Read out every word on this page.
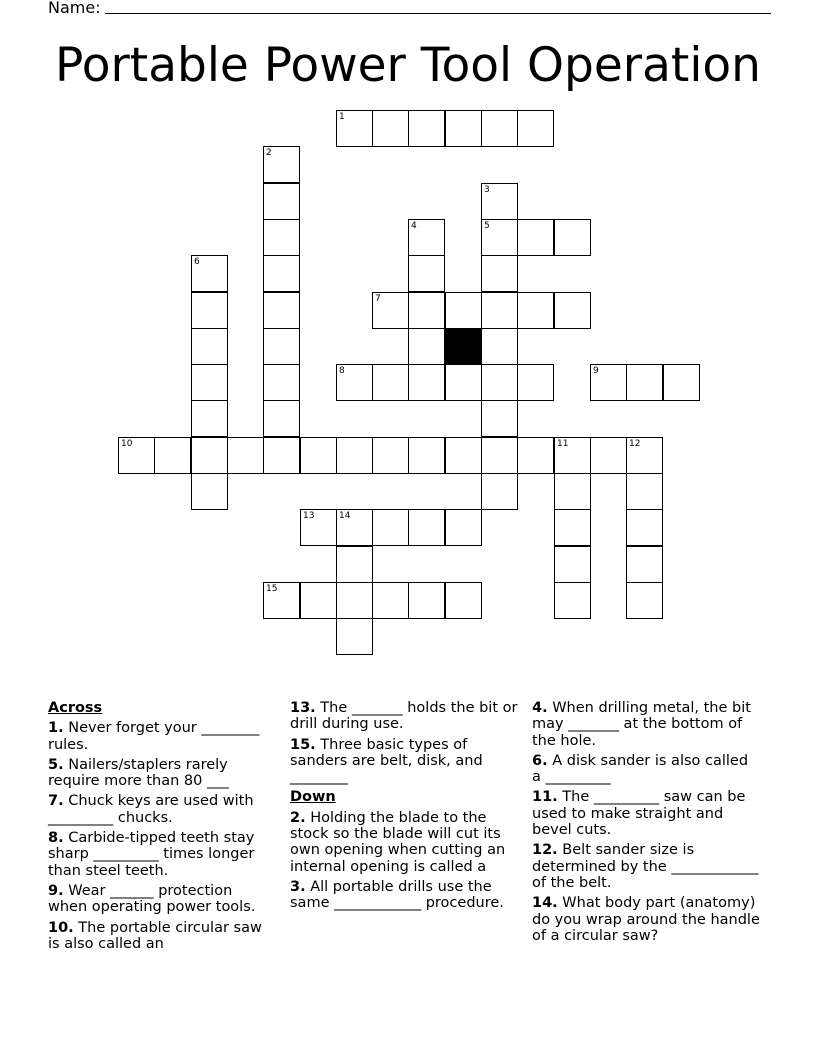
Name:
Portable Power Tool Operation
1
2
3
5
4
6
7
8	9
10	11	12
13	14
15
Across
1. Never forget your ________ rules.
5. Nailers/staplers rarely require more than 80 ___
7. Chuck keys are used with _________ chucks.
8. Carbide-tipped teeth stay sharp _________ times longer than steel teeth.
9. Wear ______ protection when operating power tools.
10. The portable circular saw is also called an
13. The _______ holds the bit or drill during use.
15. Three basic types of sanders are belt, disk, and ________
Down
2. Holding the blade to the stock so the blade will cut its own opening when cutting an internal opening is called a
3. All portable drills use the same ____________ procedure.
4. When drilling metal, the bit may _______ at the bottom of the hole.
6. A disk sander is also called a _________
11. The _________ saw can be used to make straight and bevel cuts.
12. Belt sander size is determined by the ____________ of the belt.
14. What body part (anatomy) do you wrap around the handle of a circular saw?
